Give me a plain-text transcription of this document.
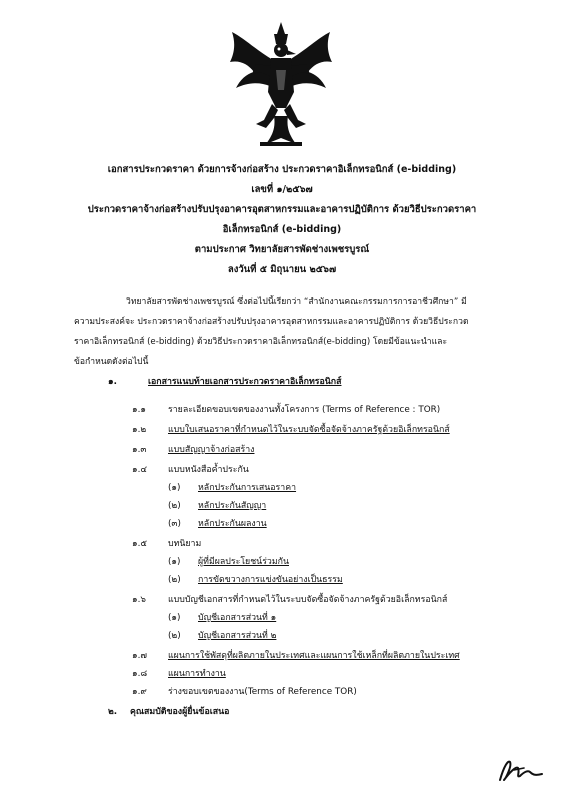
เอกสารประกวดราคา ด้วยการจ้างก่อสร้าง ประกวดราคาอิเล็กทรอนิกส์ (e-bidding)
เลขที่ ๑/๒๕๖๗
ประกวดราคาจ้างก่อสร้างปรับปรุงอาคารอุตสาหกรรมและอาคารปฏิบัติการ ด้วยวิธีประกวดราคา
อิเล็กทรอนิกส์ (e-bidding)
ตามประกาศ วิทยาลัยสารพัดช่างเพชรบูรณ์
ลงวันที่ ๕ มิถุนายน ๒๕๖๗

วิทยาลัยสารพัดช่างเพชรบูรณ์ ซึ่งต่อไปนี้เรียกว่า “สำนักงานคณะกรรมการการอาชีวศึกษา” มี

ความประสงค์จะ ประกวดราคาจ้างก่อสร้างปรับปรุงอาคารอุตสาหกรรมและอาคารปฏิบัติการ ด้วยวิธีประกวด

ราคาอิเล็กทรอนิกส์ (e-bidding) ด้วยวิธีประกวดราคาอิเล็กทรอนิกส์(e-bidding) โดยมีข้อแนะนำและ

ข้อกำหนดดังต่อไปนี้

๑.	เอกสารแนบท้ายเอกสารประกวดราคาอิเล็กทรอนิกส์
๑.๑	รายละเอียดขอบเขตของงานทั้งโครงการ (Terms of Reference : TOR)
๑.๒ แบบใบเสนอราคาที่กำหนดไว้ในระบบจัดซื้อจัดจ้างภาครัฐด้วยอิเล็กทรอนิกส์
๑.๓ แบบสัญญาจ้างก่อสร้าง
๑.๔ แบบหนังสือค้ำประกัน
(๑) หลักประกันการเสนอราคา
(๒) หลักประกันสัญญา
(๓) หลักประกันผลงาน
๑.๕ บทนิยาม
(๑) ผู้ที่มีผลประโยชน์ร่วมกัน
(๒) การขัดขวางการแข่งขันอย่างเป็นธรรม
๑.๖	แบบบัญชีเอกสารที่กำหนดไว้ในระบบจัดซื้อจัดจ้างภาครัฐด้วยอิเล็กทรอนิกส์
(๑) บัญชีเอกสารส่วนที่ ๑
(๒) บัญชีเอกสารส่วนที่ ๒
๑.๗ แผนการใช้พัสดุที่ผลิตภายในประเทศและแผนการใช้เหล็กที่ผลิตภายในประเทศ
๑.๘ แผนการทำงาน
๑.๙ ร่างขอบเขตของงาน(Terms of Reference TOR)
๒. คุณสมบัติของผู้ยื่นข้อเสนอ
